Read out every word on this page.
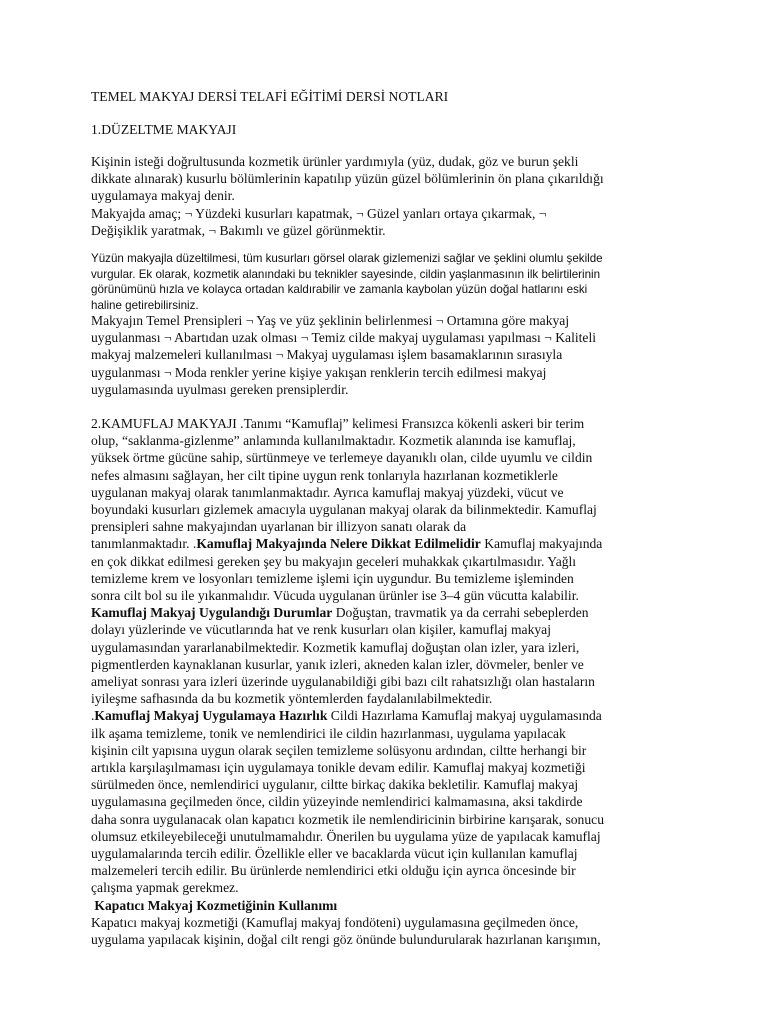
TEMEL MAKYAJ DERSİ TELAFİ EĞİTİMİ DERSİ NOTLARI
1.DÜZELTME MAKYAJI
Kişinin isteği doğrultusunda kozmetik ürünler yardımıyla (yüz, dudak, göz ve burun şekli
dikkate alınarak) kusurlu bölümlerinin kapatılıp yüzün güzel bölümlerinin ön plana çıkarıldığı
uygulamaya makyaj denir.
Makyajda amaç; ¬ Yüzdeki kusurları kapatmak, ¬ Güzel yanları ortaya çıkarmak, ¬
Değişiklik yaratmak, ¬ Bakımlı ve güzel görünmektir.
Yüzün makyajla düzeltilmesi, tüm kusurları görsel olarak gizlemenizi sağlar ve şeklini olumlu şekilde
vurgular. Ek olarak, kozmetik alanındaki bu teknikler sayesinde, cildin yaşlanmasının ilk belirtilerinin
görünümünü hızla ve kolayca ortadan kaldırabilir ve zamanla kaybolan yüzün doğal hatlarını eski
haline getirebilirsiniz.
Makyajın Temel Prensipleri ¬ Yaş ve yüz şeklinin belirlenmesi ¬ Ortamına göre makyaj
uygulanması ¬ Abartıdan uzak olması ¬ Temiz cilde makyaj uygulaması yapılması ¬ Kaliteli
makyaj malzemeleri kullanılması ¬ Makyaj uygulaması işlem basamaklarının sırasıyla
uygulanması ¬ Moda renkler yerine kişiye yakışan renklerin tercih edilmesi makyaj
uygulamasında uyulması gereken prensiplerdir.
2.KAMUFLAJ MAKYAJI .Tanımı “Kamuflaj” kelimesi Fransızca kökenli askeri bir terim
olup, “saklanma-gizlenme” anlamında kullanılmaktadır. Kozmetik alanında ise kamuflaj,
yüksek örtme gücüne sahip, sürtünmeye ve terlemeye dayanıklı olan, cilde uyumlu ve cildin
nefes almasını sağlayan, her cilt tipine uygun renk tonlarıyla hazırlanan kozmetiklerle
uygulanan makyaj olarak tanımlanmaktadır. Ayrıca kamuflaj makyaj yüzdeki, vücut ve
boyundaki kusurları gizlemek amacıyla uygulanan makyaj olarak da bilinmektedir. Kamuflaj
prensipleri sahne makyajından uyarlanan bir illizyon sanatı olarak da
tanımlanmaktadır. .Kamuflaj Makyajında Nelere Dikkat Edilmelidir Kamuflaj makyajında
en çok dikkat edilmesi gereken şey bu makyajın geceleri muhakkak çıkartılmasıdır. Yağlı
temizleme krem ve losyonları temizleme işlemi için uygundur. Bu temizleme işleminden
sonra cilt bol su ile yıkanmalıdır. Vücuda uygulanan ürünler ise 3–4 gün vücutta kalabilir.
Kamuflaj Makyaj Uygulandığı Durumlar Doğuştan, travmatik ya da cerrahi sebeplerden
dolayı yüzlerinde ve vücutlarında hat ve renk kusurları olan kişiler, kamuflaj makyaj
uygulamasından yararlanabilmektedir. Kozmetik kamuflaj doğuştan olan izler, yara izleri,
pigmentlerden kaynaklanan kusurlar, yanık izleri, akneden kalan izler, dövmeler, benler ve
ameliyat sonrası yara izleri üzerinde uygulanabildiği gibi bazı cilt rahatsızlığı olan hastaların
iyileşme safhasında da bu kozmetik yöntemlerden faydalanılabilmektedir.
.Kamuflaj Makyaj Uygulamaya Hazırlık Cildi Hazırlama Kamuflaj makyaj uygulamasında
ilk aşama temizleme, tonik ve nemlendirici ile cildin hazırlanması, uygulama yapılacak
kişinin cilt yapısına uygun olarak seçilen temizleme solüsyonu ardından, ciltte herhangi bir
artıkla karşılaşılmaması için uygulamaya tonikle devam edilir. Kamuflaj makyaj kozmetiği
sürülmeden önce, nemlendirici uygulanır, ciltte birkaç dakika bekletilir. Kamuflaj makyaj
uygulamasına geçilmeden önce, cildin yüzeyinde nemlendirici kalmamasına, aksi takdirde
daha sonra uygulanacak olan kapatıcı kozmetik ile nemlendiricinin birbirine karışarak, sonucu
olumsuz etkileyebileceği unutulmamalıdır. Önerilen bu uygulama yüze de yapılacak kamuflaj
uygulamalarında tercih edilir. Özellikle eller ve bacaklarda vücut için kullanılan kamuflaj
malzemeleri tercih edilir. Bu ürünlerde nemlendirici etki olduğu için ayrıca öncesinde bir
çalışma yapmak gerekmez.
Kapatıcı Makyaj Kozmetiğinin Kullanımı
Kapatıcı makyaj kozmetiği (Kamuflaj makyaj fondöteni) uygulamasına geçilmeden önce,
uygulama yapılacak kişinin, doğal cilt rengi göz önünde bulundurularak hazırlanan karışımın,
